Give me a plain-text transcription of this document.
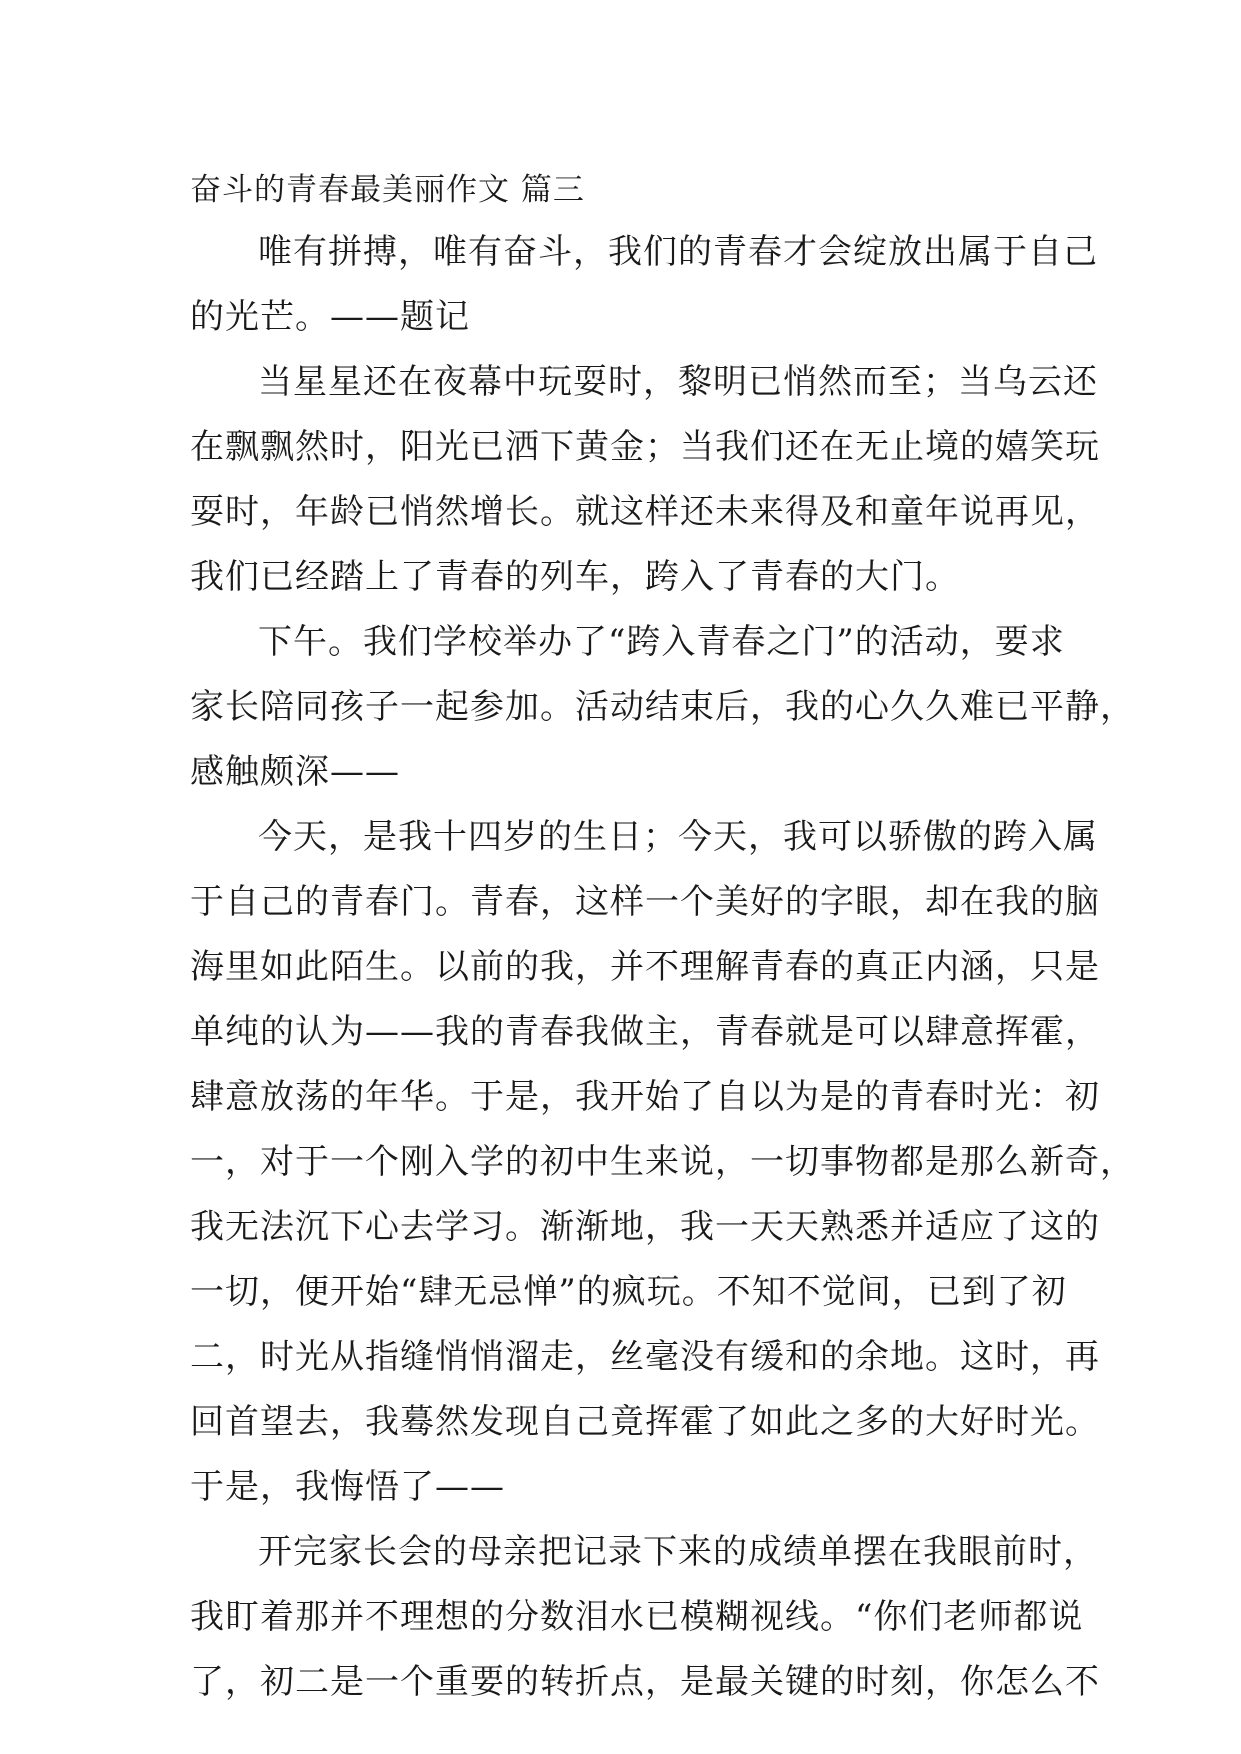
奋斗的青春最美丽作文 篇三

唯有拼搏，唯有奋斗，我们的青春才会绽放出属于自己
的光芒。——题记

当星星还在夜幕中玩耍时，黎明已悄然而至；当乌云还
在飘飘然时，阳光已洒下黄金；当我们还在无止境的嬉笑玩
耍时，年龄已悄然增长。就这样还未来得及和童年说再见，
我们已经踏上了青春的列车，跨入了青春的大门。

下午。我们学校举办了“跨入青春之门”的活动，要求
家长陪同孩子一起参加。活动结束后，我的心久久难已平静，
感触颇深——

今天，是我十四岁的生日；今天，我可以骄傲的跨入属
于自己的青春门。青春，这样一个美好的字眼，却在我的脑
海里如此陌生。以前的我，并不理解青春的真正内涵，只是
单纯的认为——我的青春我做主，青春就是可以肆意挥霍，
肆意放荡的年华。于是，我开始了自以为是的青春时光：初
一，对于一个刚入学的初中生来说，一切事物都是那么新奇，
我无法沉下心去学习。渐渐地，我一天天熟悉并适应了这的
一切，便开始“肆无忌惮”的疯玩。不知不觉间，已到了初
二，时光从指缝悄悄溜走，丝毫没有缓和的余地。这时，再
回首望去，我蓦然发现自己竟挥霍了如此之多的大好时光。
于是，我悔悟了——

开完家长会的母亲把记录下来的成绩单摆在我眼前时，
我盯着那并不理想的分数泪水已模糊视线。“你们老师都说
了，初二是一个重要的转折点，是最关键的时刻，你怎么不
